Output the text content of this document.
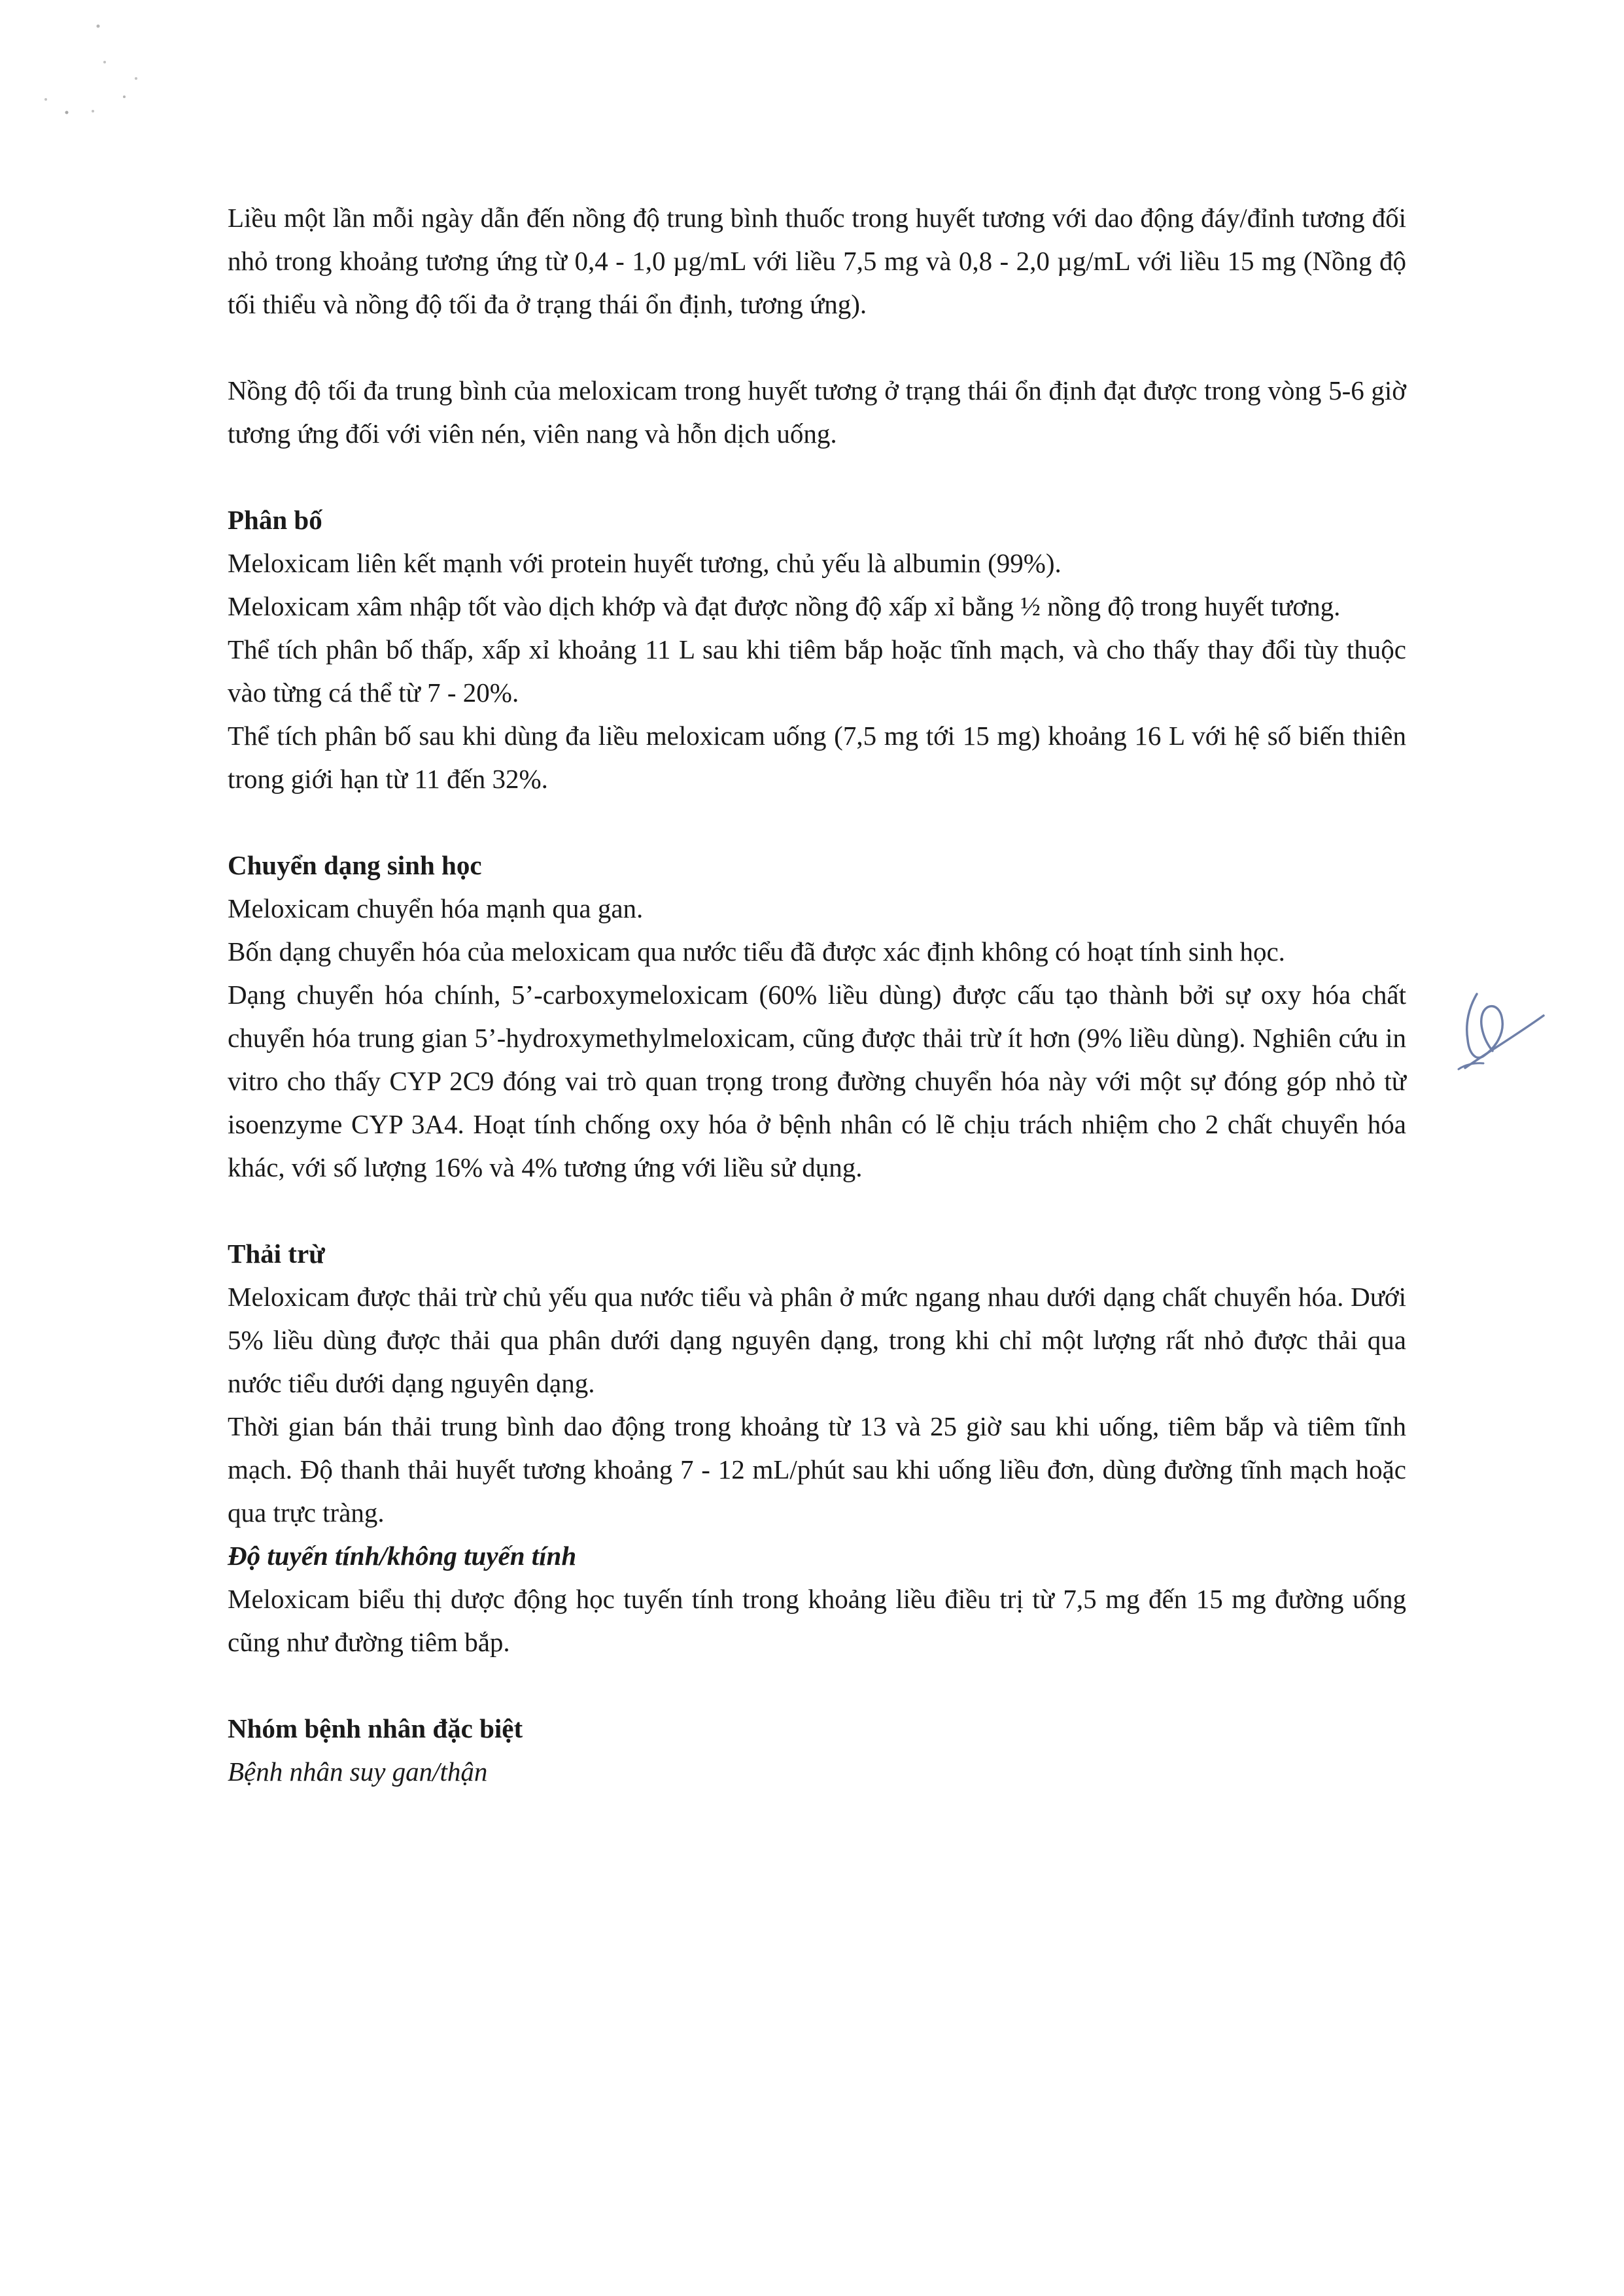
Liều một lần mỗi ngày dẫn đến nồng độ trung bình thuốc trong huyết tương với dao động đáy/đỉnh tương đối nhỏ trong khoảng tương ứng từ 0,4 - 1,0 µg/mL với liều 7,5 mg và 0,8 - 2,0 µg/mL với liều 15 mg (Nồng độ tối thiểu và nồng độ tối đa ở trạng thái ổn định, tương ứng).

Nồng độ tối đa trung bình của meloxicam trong huyết tương ở trạng thái ổn định đạt được trong vòng 5-6 giờ tương ứng đối với viên nén, viên nang và hỗn dịch uống.

Phân bố

Meloxicam liên kết mạnh với protein huyết tương, chủ yếu là albumin (99%).

Meloxicam xâm nhập tốt vào dịch khớp và đạt được nồng độ xấp xỉ bằng ½ nồng độ trong huyết tương.

Thể tích phân bố thấp, xấp xỉ khoảng 11 L sau khi tiêm bắp hoặc tĩnh mạch, và cho thấy thay đổi tùy thuộc vào từng cá thể từ 7 - 20%.

Thể tích phân bố sau khi dùng đa liều meloxicam uống (7,5 mg tới 15 mg) khoảng 16 L với hệ số biến thiên trong giới hạn từ 11 đến 32%.

Chuyển dạng sinh học

Meloxicam chuyển hóa mạnh qua gan.

Bốn dạng chuyển hóa của meloxicam qua nước tiểu đã được xác định không có hoạt tính sinh học.

Dạng chuyển hóa chính, 5’-carboxymeloxicam (60% liều dùng) được cấu tạo thành bởi sự oxy hóa chất chuyển hóa trung gian 5’-hydroxymethylmeloxicam, cũng được thải trừ ít hơn (9% liều dùng). Nghiên cứu in vitro cho thấy CYP 2C9 đóng vai trò quan trọng trong đường chuyển hóa này với một sự đóng góp nhỏ từ isoenzyme CYP 3A4. Hoạt tính chống oxy hóa ở bệnh nhân có lẽ chịu trách nhiệm cho 2 chất chuyển hóa khác, với số lượng 16% và 4% tương ứng với liều sử dụng.

Thải trừ

Meloxicam được thải trừ chủ yếu qua nước tiểu và phân ở mức ngang nhau dưới dạng chất chuyển hóa. Dưới 5% liều dùng được thải qua phân dưới dạng nguyên dạng, trong khi chỉ một lượng rất nhỏ được thải qua nước tiểu dưới dạng nguyên dạng.

Thời gian bán thải trung bình dao động trong khoảng từ 13 và 25 giờ sau khi uống, tiêm bắp và tiêm tĩnh mạch. Độ thanh thải huyết tương khoảng 7 - 12 mL/phút sau khi uống liều đơn, dùng đường tĩnh mạch hoặc qua trực tràng.

Độ tuyến tính/không tuyến tính

Meloxicam biểu thị dược động học tuyến tính trong khoảng liều điều trị từ 7,5 mg đến 15 mg đường uống cũng như đường tiêm bắp.

Nhóm bệnh nhân đặc biệt

Bệnh nhân suy gan/thận
